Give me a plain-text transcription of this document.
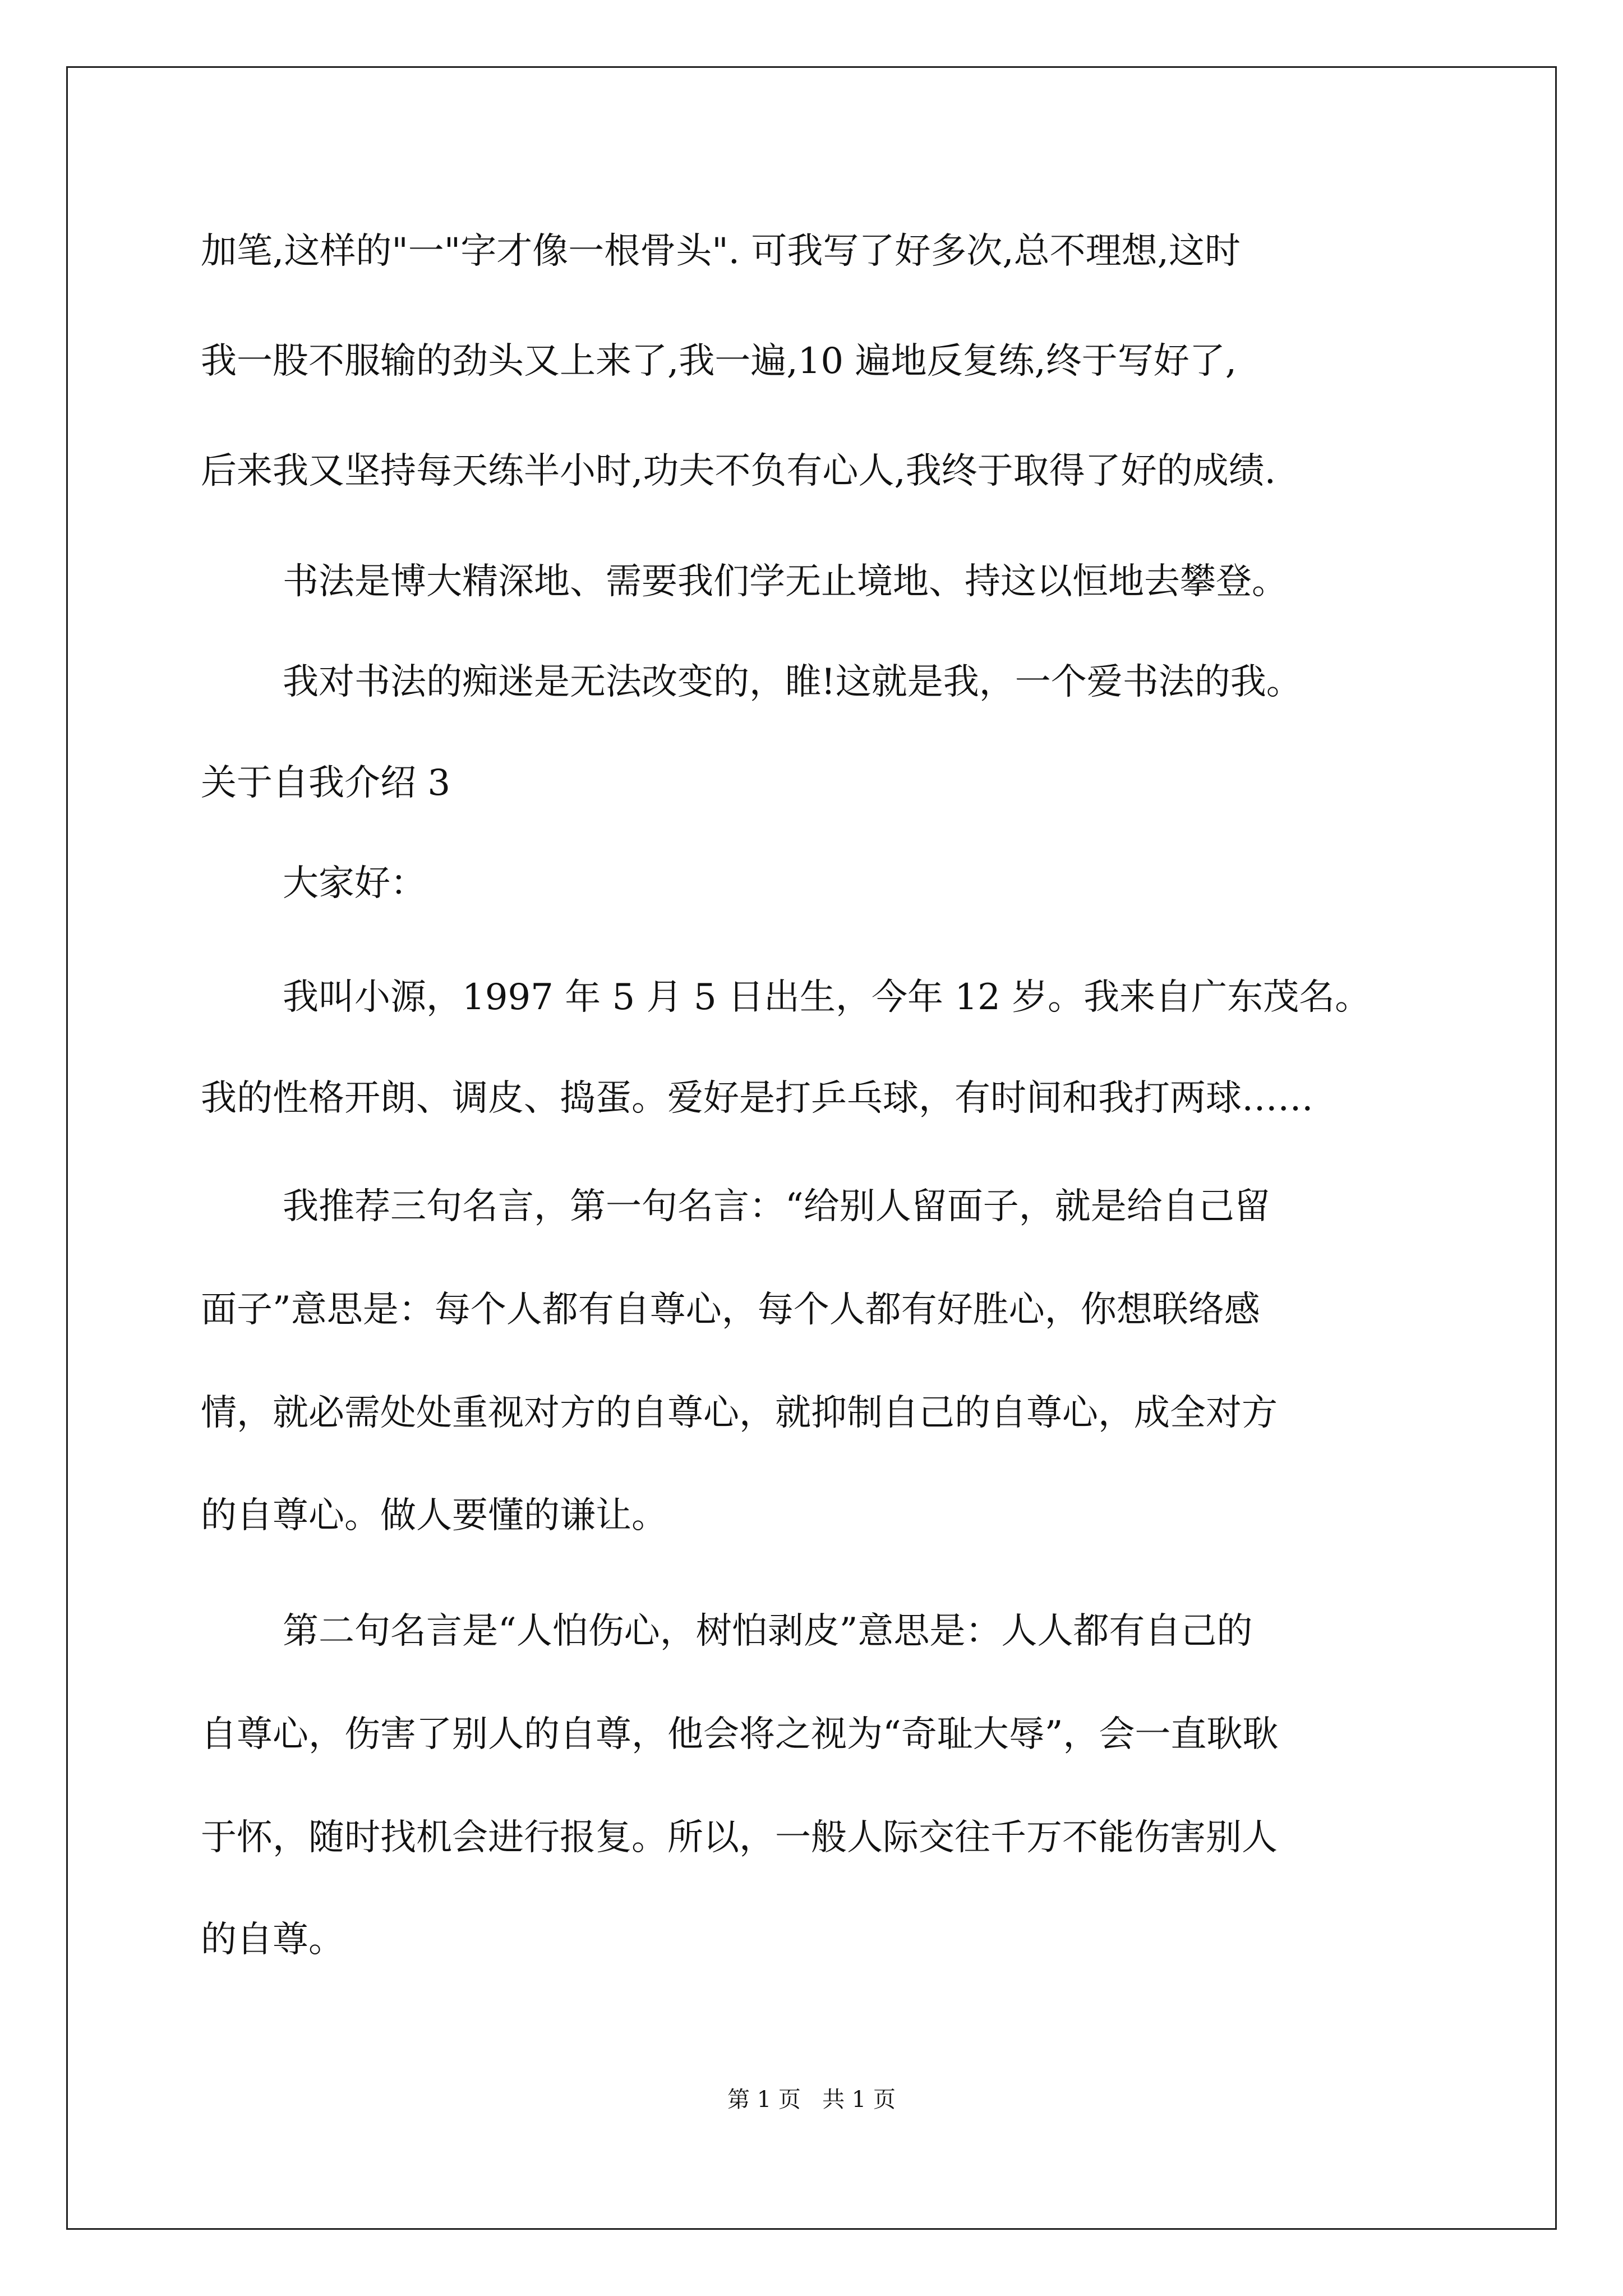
加笔,这样的"一"字才像一根骨头". 可我写了好多次,总不理想,这时
我一股不服输的劲头又上来了,我一遍,10 遍地反复练,终于写好了,
后来我又坚持每天练半小时,功夫不负有心人,我终于取得了好的成绩.
书法是博大精深地、需要我们学无止境地、持这以恒地去攀登。
我对书法的痴迷是无法改变的，睢!这就是我，一个爱书法的我。
关于自我介绍 3
大家好：
我叫小源，1997 年 5 月 5 日出生，今年 12 岁。我来自广东茂名。
我的性格开朗、调皮、捣蛋。爱好是打乒乓球，有时间和我打两球……
我推荐三句名言，第一句名言：“给别人留面子，就是给自己留
面子”意思是：每个人都有自尊心，每个人都有好胜心，你想联络感
情，就必需处处重视对方的自尊心，就抑制自己的自尊心，成全对方
的自尊心。做人要懂的谦让。
第二句名言是“人怕伤心，树怕剥皮”意思是：人人都有自己的
自尊心，伤害了别人的自尊，他会将之视为“奇耻大辱”，会一直耿耿
于怀，随时找机会进行报复。所以，一般人际交往千万不能伤害别人
的自尊。
第 1 页   共 1 页
